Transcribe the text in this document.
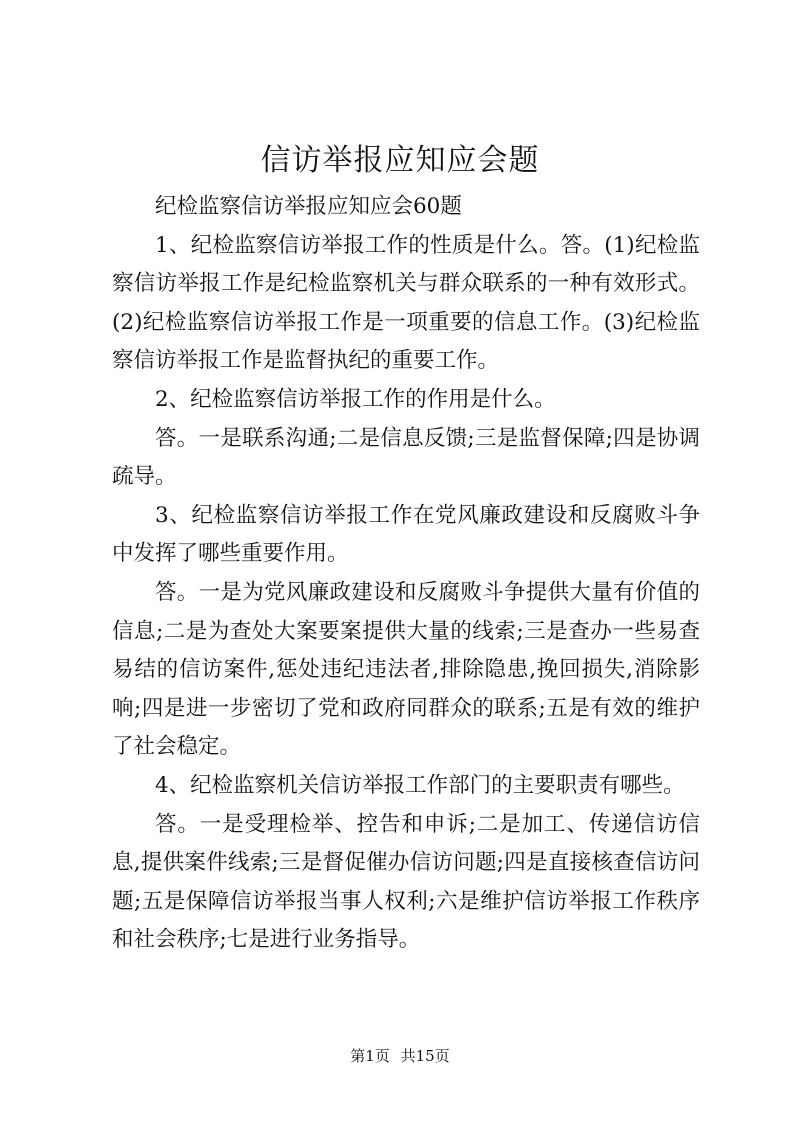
信访举报应知应会题

纪检监察信访举报应知应会60题

1、纪检监察信访举报工作的性质是什么。答。(1)纪检监察信访举报工作是纪检监察机关与群众联系的一种有效形式。(2)纪检监察信访举报工作是一项重要的信息工作。(3)纪检监察信访举报工作是监督执纪的重要工作。

2、纪检监察信访举报工作的作用是什么。

答。一是联系沟通;二是信息反馈;三是监督保障;四是协调疏导。

3、纪检监察信访举报工作在党风廉政建设和反腐败斗争中发挥了哪些重要作用。

答。一是为党风廉政建设和反腐败斗争提供大量有价值的信息;二是为查处大案要案提供大量的线索;三是查办一些易查易结的信访案件,惩处违纪违法者,排除隐患,挽回损失,消除影响;四是进一步密切了党和政府同群众的联系;五是有效的维护了社会稳定。

4、纪检监察机关信访举报工作部门的主要职责有哪些。

答。一是受理检举、控告和申诉;二是加工、传递信访信息,提供案件线索;三是督促催办信访问题;四是直接核查信访问题;五是保障信访举报当事人权利;六是维护信访举报工作秩序和社会秩序;七是进行业务指导。

第1页 共15页
